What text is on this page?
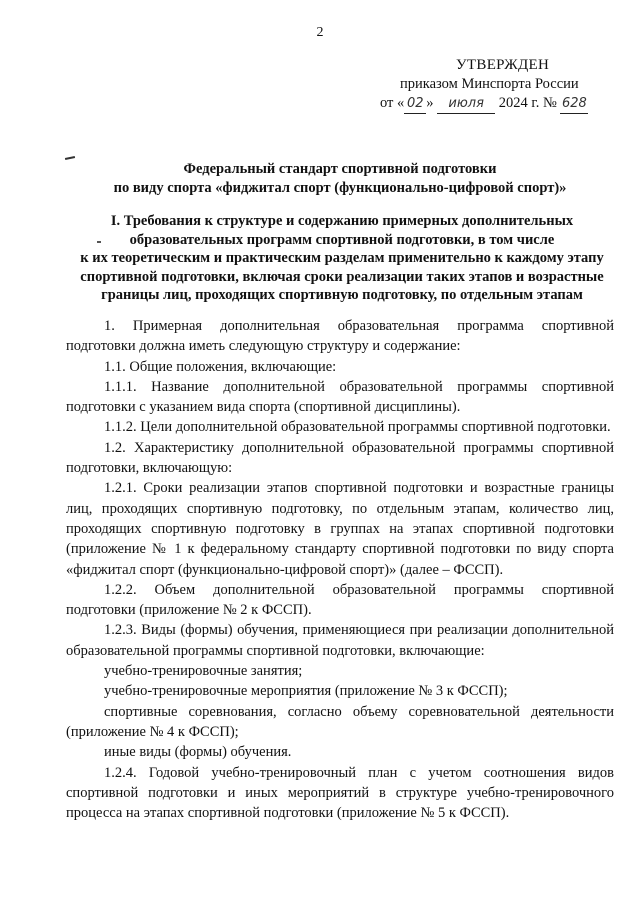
2
УТВЕРЖДЕН
приказом Минспорта России
от « 02 » июля 2024 г. № 628
Федеральный стандарт спортивной подготовки
по виду спорта «фиджитал спорт (функционально-цифровой спорт)»
I. Требования к структуре и содержанию примерных дополнительных
образовательных программ спортивной подготовки, в том числе
к их теоретическим и практическим разделам применительно к каждому этапу
спортивной подготовки, включая сроки реализации таких этапов и возрастные
границы лиц, проходящих спортивную подготовку, по отдельным этапам

1. Примерная дополнительная образовательная программа спортивной подготовки должна иметь следующую структуру и содержание:

1.1. Общие положения, включающие:

1.1.1. Название дополнительной образовательной программы спортивной подготовки с указанием вида спорта (спортивной дисциплины).

1.1.2. Цели дополнительной образовательной программы спортивной подготовки.

1.2. Характеристику дополнительной образовательной программы спортивной подготовки, включающую:

1.2.1. Сроки реализации этапов спортивной подготовки и возрастные границы лиц, проходящих спортивную подготовку, по отдельным этапам, количество лиц, проходящих спортивную подготовку в группах на этапах спортивной подготовки (приложение № 1 к федеральному стандарту спортивной подготовки по виду спорта «фиджитал спорт (функционально-цифровой спорт)» (далее – ФССП).

1.2.2. Объем дополнительной образовательной программы спортивной подготовки (приложение № 2 к ФССП).

1.2.3. Виды (формы) обучения, применяющиеся при реализации дополнительной образовательной программы спортивной подготовки, включающие:

учебно-тренировочные занятия;

учебно-тренировочные мероприятия (приложение № 3 к ФССП);

спортивные соревнования, согласно объему соревновательной деятельности (приложение № 4 к ФССП);

иные виды (формы) обучения.

1.2.4. Годовой учебно-тренировочный план с учетом соотношения видов спортивной подготовки и иных мероприятий в структуре учебно-тренировочного процесса на этапах спортивной подготовки (приложение № 5 к ФССП).
